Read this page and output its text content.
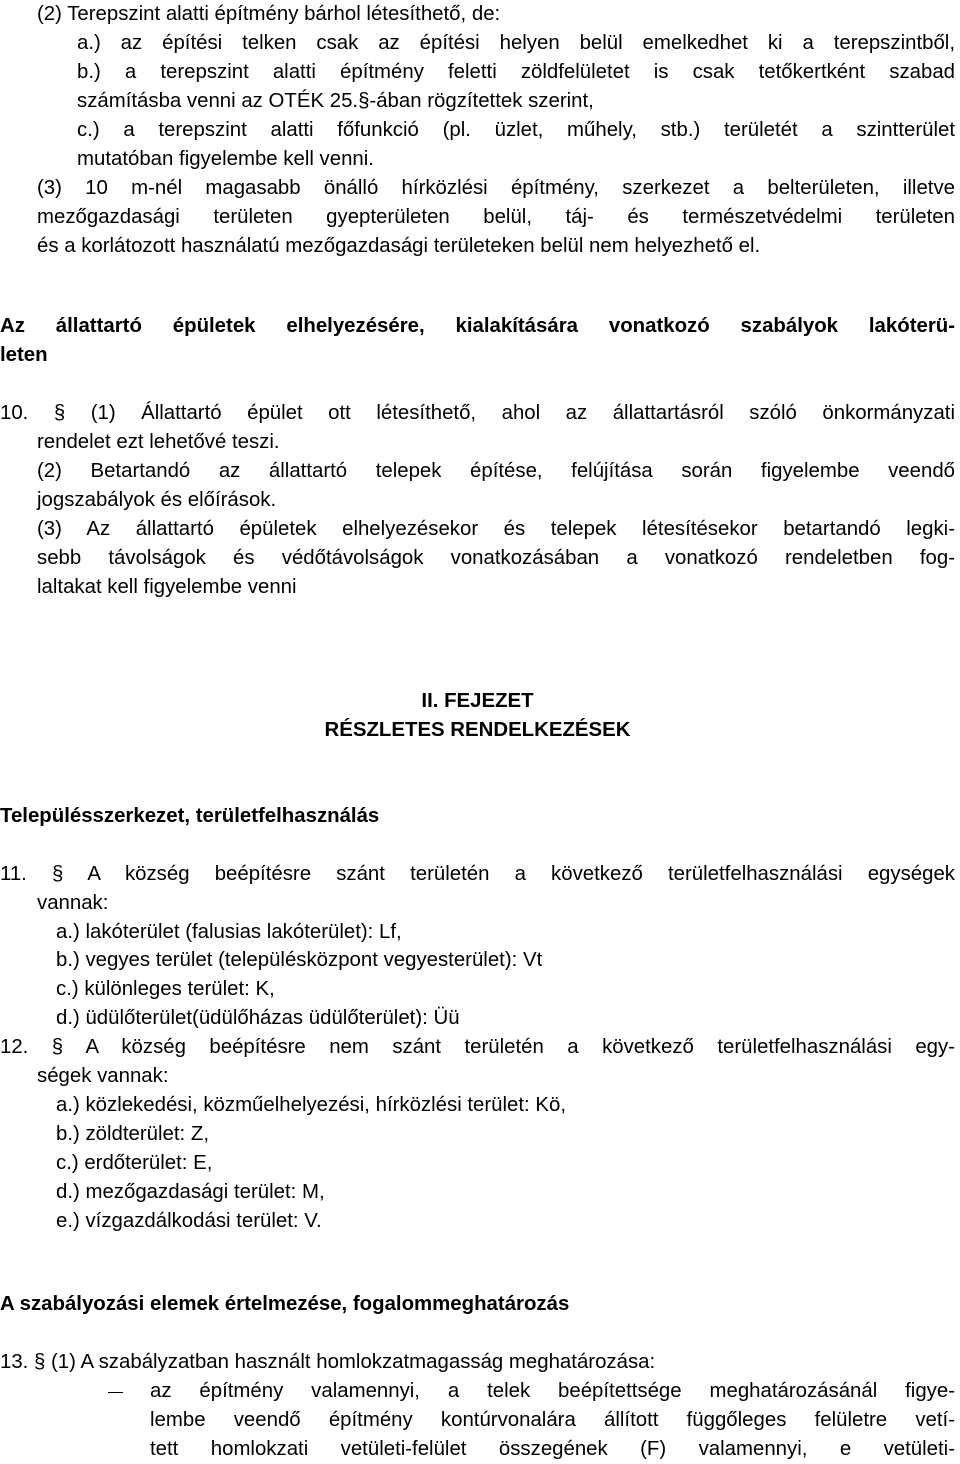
(2) Terepszint alatti építmény bárhol létesíthető, de:
a.) az építési telken csak az építési helyen belül emelkedhet ki a terepszintből,
b.) a terepszint alatti építmény feletti zöldfelületet is csak tetőkertként szabad
számításba venni az OTÉK 25.§-ában rögzítettek szerint,
c.) a terepszint alatti főfunkció (pl. üzlet, műhely, stb.) területét a szintterület
mutatóban figyelembe kell venni.
(3) 10 m-nél magasabb önálló hírközlési építmény, szerkezet a belterületen, illetve
mezőgazdasági területen gyepterületen belül, táj- és természetvédelmi területen
és a korlátozott használatú mezőgazdasági területeken belül nem helyezhető el.
Az állattartó épületek elhelyezésére, kialakítására vonatkozó szabályok lakóterü-
leten
10. § (1) Állattartó épület ott létesíthető, ahol az állattartásról szóló önkormányzati
rendelet ezt lehetővé teszi.
(2) Betartandó az állattartó telepek építése, felújítása során figyelembe veendő
jogszabályok és előírások.
(3) Az állattartó épületek elhelyezésekor és telepek létesítésekor betartandó legki-
sebb távolságok és védőtávolságok vonatkozásában a vonatkozó rendeletben fog-
laltakat kell figyelembe venni
II. FEJEZET
RÉSZLETES RENDELKEZÉSEK
Településszerkezet, területfelhasználás
11. § A község beépítésre szánt területén a következő területfelhasználási egységek
vannak:
a.) lakóterület (falusias lakóterület): Lf,
b.) vegyes terület (településközpont vegyesterület): Vt
c.) különleges terület: K,
d.) üdülőterület(üdülőházas üdülőterület): Üü
12. § A község beépítésre nem szánt területén a következő területfelhasználási egy-
ségek vannak:
a.) közlekedési, közműelhelyezési, hírközlési terület: Kö,
b.) zöldterület: Z,
c.) erdőterület: E,
d.) mezőgazdasági terület: M,
e.) vízgazdálkodási terület: V.
A szabályozási elemek értelmezése, fogalommeghatározás
13. § (1) A szabályzatban használt homlokzatmagasság meghatározása:
az építmény valamennyi, a telek beépítettsége meghatározásánál figye-
lembe veendő építmény kontúrvonalára állított függőleges felületre vetí-
tett homlokzati vetületi-felület összegének (F) valamennyi, e vetületi-
